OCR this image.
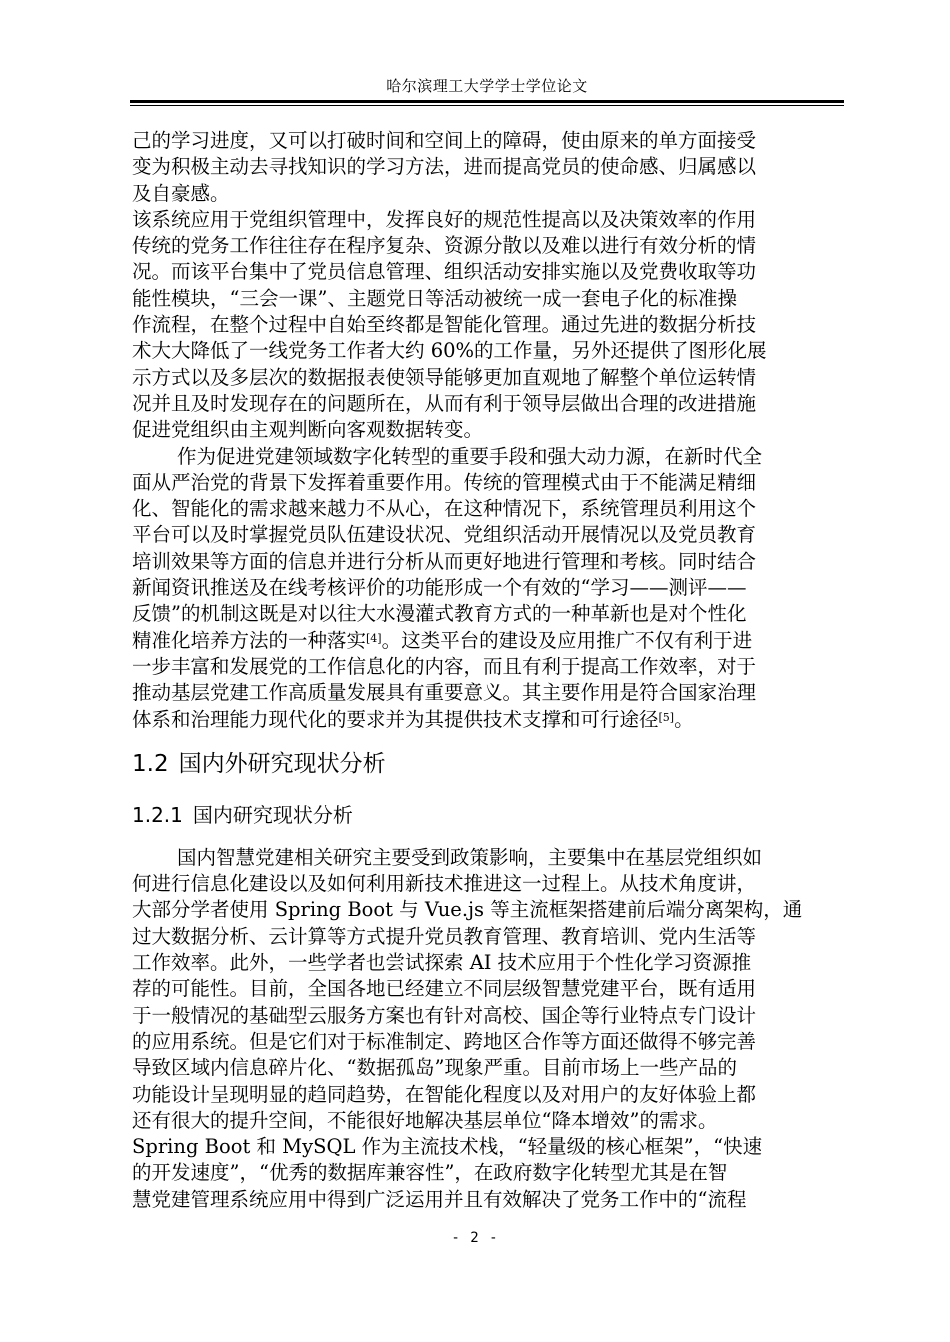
哈尔滨理工大学学士学位论文
己的学习进度，又可以打破时间和空间上的障碍，使由原来的单方面接受
变为积极主动去寻找知识的学习方法，进而提高党员的使命感、归属感以
及自豪感。
该系统应用于党组织管理中，发挥良好的规范性提高以及决策效率的作用
传统的党务工作往往存在程序复杂、资源分散以及难以进行有效分析的情
况。而该平台集中了党员信息管理、组织活动安排实施以及党费收取等功
能性模块，“三会一课”、主题党日等活动被统一成一套电子化的标准操
作流程，在整个过程中自始至终都是智能化管理。通过先进的数据分析技
术大大降低了一线党务工作者大约 60%的工作量，另外还提供了图形化展
示方式以及多层次的数据报表使领导能够更加直观地了解整个单位运转情
况并且及时发现存在的问题所在，从而有利于领导层做出合理的改进措施
促进党组织由主观判断向客观数据转变。
作为促进党建领域数字化转型的重要手段和强大动力源，在新时代全
面从严治党的背景下发挥着重要作用。传统的管理模式由于不能满足精细
化、智能化的需求越来越力不从心，在这种情况下，系统管理员利用这个
平台可以及时掌握党员队伍建设状况、党组织活动开展情况以及党员教育
培训效果等方面的信息并进行分析从而更好地进行管理和考核。同时结合
新闻资讯推送及在线考核评价的功能形成一个有效的“学习——测评——
反馈”的机制这既是对以往大水漫灌式教育方式的一种革新也是对个性化
精准化培养方法的一种落实[4]。这类平台的建设及应用推广不仅有利于进
一步丰富和发展党的工作信息化的内容，而且有利于提高工作效率，对于
推动基层党建工作高质量发展具有重要意义。其主要作用是符合国家治理
体系和治理能力现代化的要求并为其提供技术支撑和可行途径[5]。
1.2 国内外研究现状分析
1.2.1 国内研究现状分析
国内智慧党建相关研究主要受到政策影响，主要集中在基层党组织如
何进行信息化建设以及如何利用新技术推进这一过程上。从技术角度讲，
大部分学者使用 Spring Boot 与 Vue.js 等主流框架搭建前后端分离架构，通
过大数据分析、云计算等方式提升党员教育管理、教育培训、党内生活等
工作效率。此外，一些学者也尝试探索 AI 技术应用于个性化学习资源推
荐的可能性。目前，全国各地已经建立不同层级智慧党建平台，既有适用
于一般情况的基础型云服务方案也有针对高校、国企等行业特点专门设计
的应用系统。但是它们对于标准制定、跨地区合作等方面还做得不够完善
导致区域内信息碎片化、“数据孤岛”现象严重。目前市场上一些产品的
功能设计呈现明显的趋同趋势，在智能化程度以及对用户的友好体验上都
还有很大的提升空间，不能很好地解决基层单位“降本增效”的需求。
Spring Boot 和 MySQL 作为主流技术栈，“轻量级的核心框架”，“快速
的开发速度”，“优秀的数据库兼容性”，在政府数字化转型尤其是在智
慧党建管理系统应用中得到广泛运用并且有效解决了党务工作中的“流程
- 2 -
